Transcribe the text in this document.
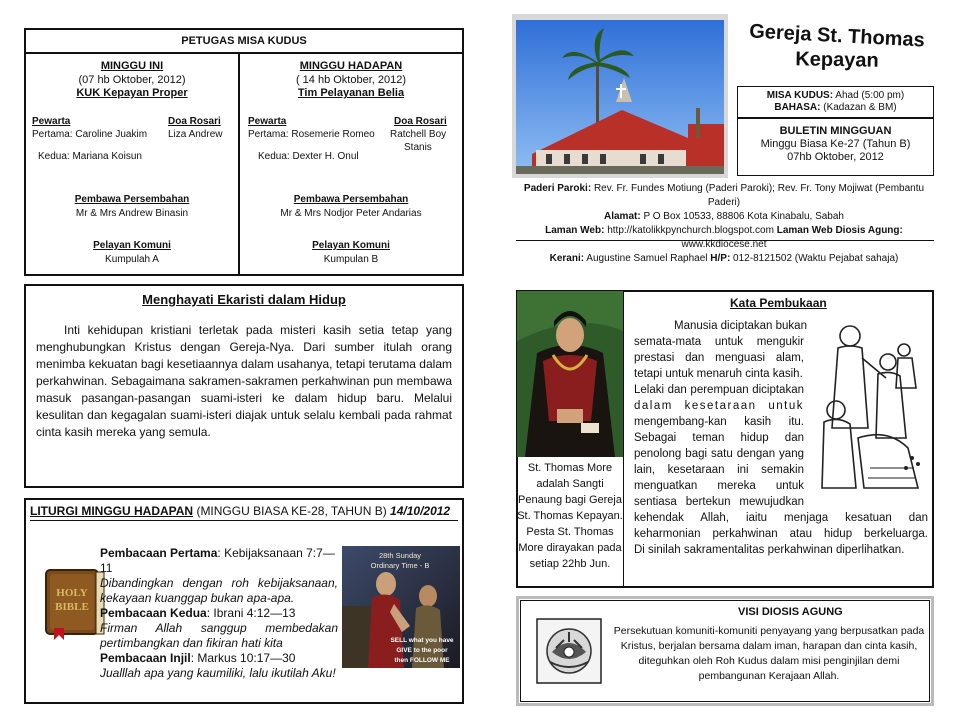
PETUGAS MISA KUDUS
MINGGU INI
(07 hb Oktober, 2012)
KUK Kepayan Proper
Pewarta
Pertama: Caroline Juakim
Kedua: Mariana Koisun
Doa Rosari
Liza Andrew
Pembawa Persembahan
Mr & Mrs Andrew Binasin
Pelayan Komuni
Kumpulah A
MINGGU HADAPAN
( 14 hb Oktober, 2012)
Tim Pelayanan Belia
Pewarta
Pertama: Rosemerie Romeo
Kedua: Dexter H. Onul
Doa Rosari
Ratchell Boy
Stanis
Pembawa Persembahan
Mr & Mrs Nodjor Peter Andarias
Pelayan Komuni
Kumpulan B
Menghayati Ekaristi dalam Hidup
Inti kehidupan kristiani terletak pada misteri kasih setia tetap yang menghubungkan Kristus dengan Gereja-Nya. Dari sumber itulah orang menimba kekuatan bagi kesetiaannya dalam usahanya, tetapi terutama dalam perkahwinan. Sebagaimana sakramen-sakramen perkahwinan pun membawa masuk pasangan-pasangan suami-isteri ke dalam hidup baru. Melalui kesulitan dan kegagalan suami-isteri diajak untuk selalu kembali pada rahmat cinta kasih mereka yang semula.
LITURGI MINGGU HADAPAN (MINGGU BIASA KE-28, TAHUN B) 14/10/2012
HOLY
BIBLE
Pembacaan Pertama: Kebijaksanaan 7:7—11
Dibandingkan dengan roh kebijaksanaan, kekayaan kuanggap bukan apa-apa.
Pembacaan Kedua: Ibrani 4:12—13
Firman Allah sanggup membedakan pertimbangkan dan fikiran hati kita
Pembacaan Injil: Markus 10:17—30
Jualllah apa yang kaumiliki, lalu ikutilah Aku!
28th Sunday
Ordinary Time - B
SELL what you have
GIVE to the poor
then FOLLOW ME
Gereja St. Thomas
Kepayan
MISA KUDUS: Ahad (5:00 pm)
BAHASA: (Kadazan & BM)
BULETIN MINGGUAN
Minggu Biasa Ke-27 (Tahun B)
07hb Oktober, 2012
Paderi Paroki: Rev. Fr. Fundes Motiung (Paderi Paroki); Rev. Fr. Tony Mojiwat (Pembantu Paderi)
Alamat: P O Box 10533, 88806 Kota Kinabalu, Sabah
Laman Web: http://katolikkpynchurch.blogspot.com Laman Web Diosis Agung: www.kkdiocese.net
Kerani: Augustine Samuel Raphael H/P: 012-8121502 (Waktu Pejabat sahaja)
St. Thomas More adalah Sangti Penaung bagi Gereja St. Thomas Kepayan. Pesta St. Thomas More dirayakan pada setiap 22hb Jun.
Kata Pembukaan
Manusia diciptakan bukan
semata-mata untuk mengukir
prestasi dan menguasi alam,
tetapi untuk menaruh cinta kasih.
Lelaki dan perempuan diciptakan
dalam kesetaraan untuk
mengembang-kan kasih itu.
Sebagai teman hidup dan
penolong bagi satu dengan yang
lain, kesetaraan ini semakin
menguatkan mereka untuk
sentiasa bertekun mewujudkan
kehendak Allah, iaitu menjaga kesatuan dan
keharmonian perkahwinan atau hidup berkeluarga.
Di sinilah sakramentalitas perkahwinan diperlihatkan.
VISI DIOSIS AGUNG
Persekutuan komuniti-komuniti penyayang yang berpusatkan pada Kristus, berjalan bersama dalam iman, harapan dan cinta kasih, diteguhkan oleh Roh Kudus dalam misi penginjilan demi pembangunan Kerajaan Allah.
